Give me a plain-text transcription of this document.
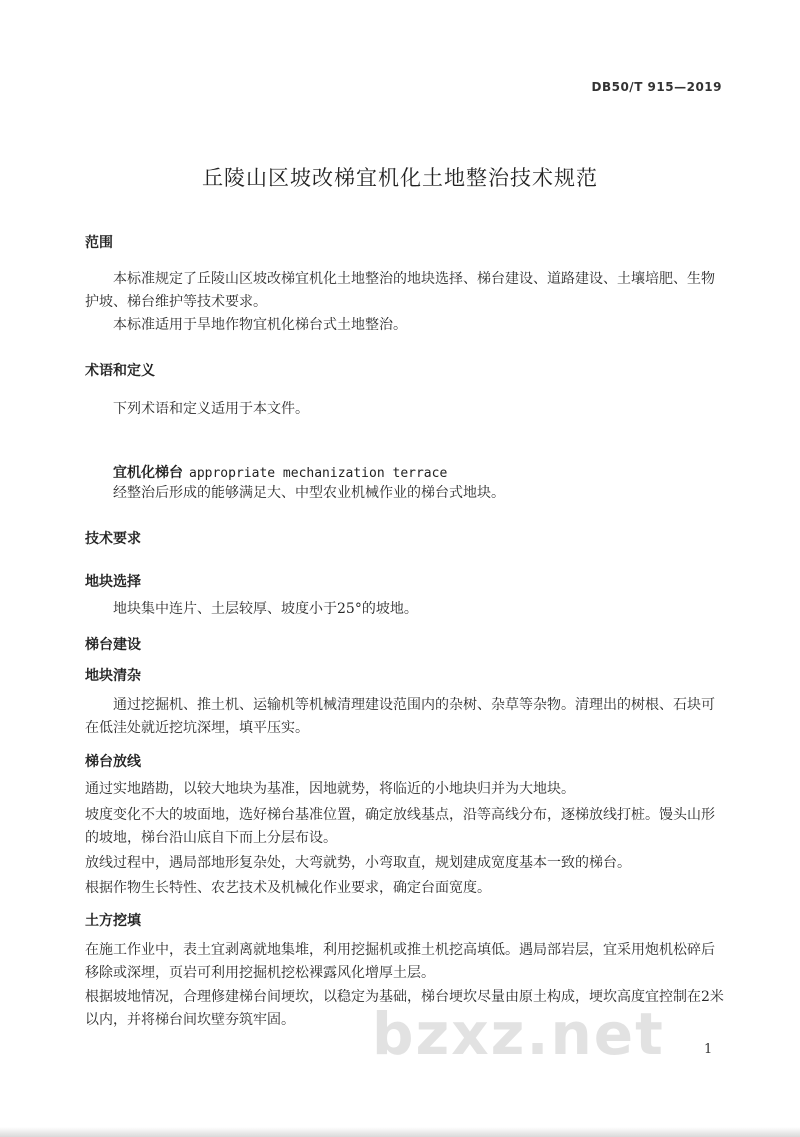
DB50/T 915—2019
丘陵山区坡改梯宜机化土地整治技术规范
范围

本标准规定了丘陵山区坡改梯宜机化土地整治的地块选择、梯台建设、道路建设、土壤培肥、生物护坡、梯台维护等技术要求。

本标准适用于旱地作物宜机化梯台式土地整治。

术语和定义

下列术语和定义适用于本文件。

宜机化梯台 appropriate mechanization terrace

经整治后形成的能够满足大、中型农业机械作业的梯台式地块。

技术要求
地块选择

地块集中连片、土层较厚、坡度小于25°的坡地。

梯台建设
地块清杂

通过挖掘机、推土机、运输机等机械清理建设范围内的杂树、杂草等杂物。清理出的树根、石块可在低洼处就近挖坑深埋，填平压实。

梯台放线

通过实地踏勘，以较大地块为基准，因地就势，将临近的小地块归并为大地块。

坡度变化不大的坡面地，选好梯台基准位置，确定放线基点，沿等高线分布，逐梯放线打桩。馒头山形的坡地，梯台沿山底自下而上分层布设。

放线过程中，遇局部地形复杂处，大弯就势，小弯取直，规划建成宽度基本一致的梯台。

根据作物生长特性、农艺技术及机械化作业要求，确定台面宽度。

土方挖填

在施工作业中，表土宜剥离就地集堆，利用挖掘机或推土机挖高填低。遇局部岩层，宜采用炮机松碎后移除或深埋，页岩可利用挖掘机挖松裸露风化增厚土层。

根据坡地情况，合理修建梯台间埂坎，以稳定为基础，梯台埂坎尽量由原土构成，埂坎高度宜控制在2米以内，并将梯台间坎壁夯筑牢固。

1
bzxz.net
